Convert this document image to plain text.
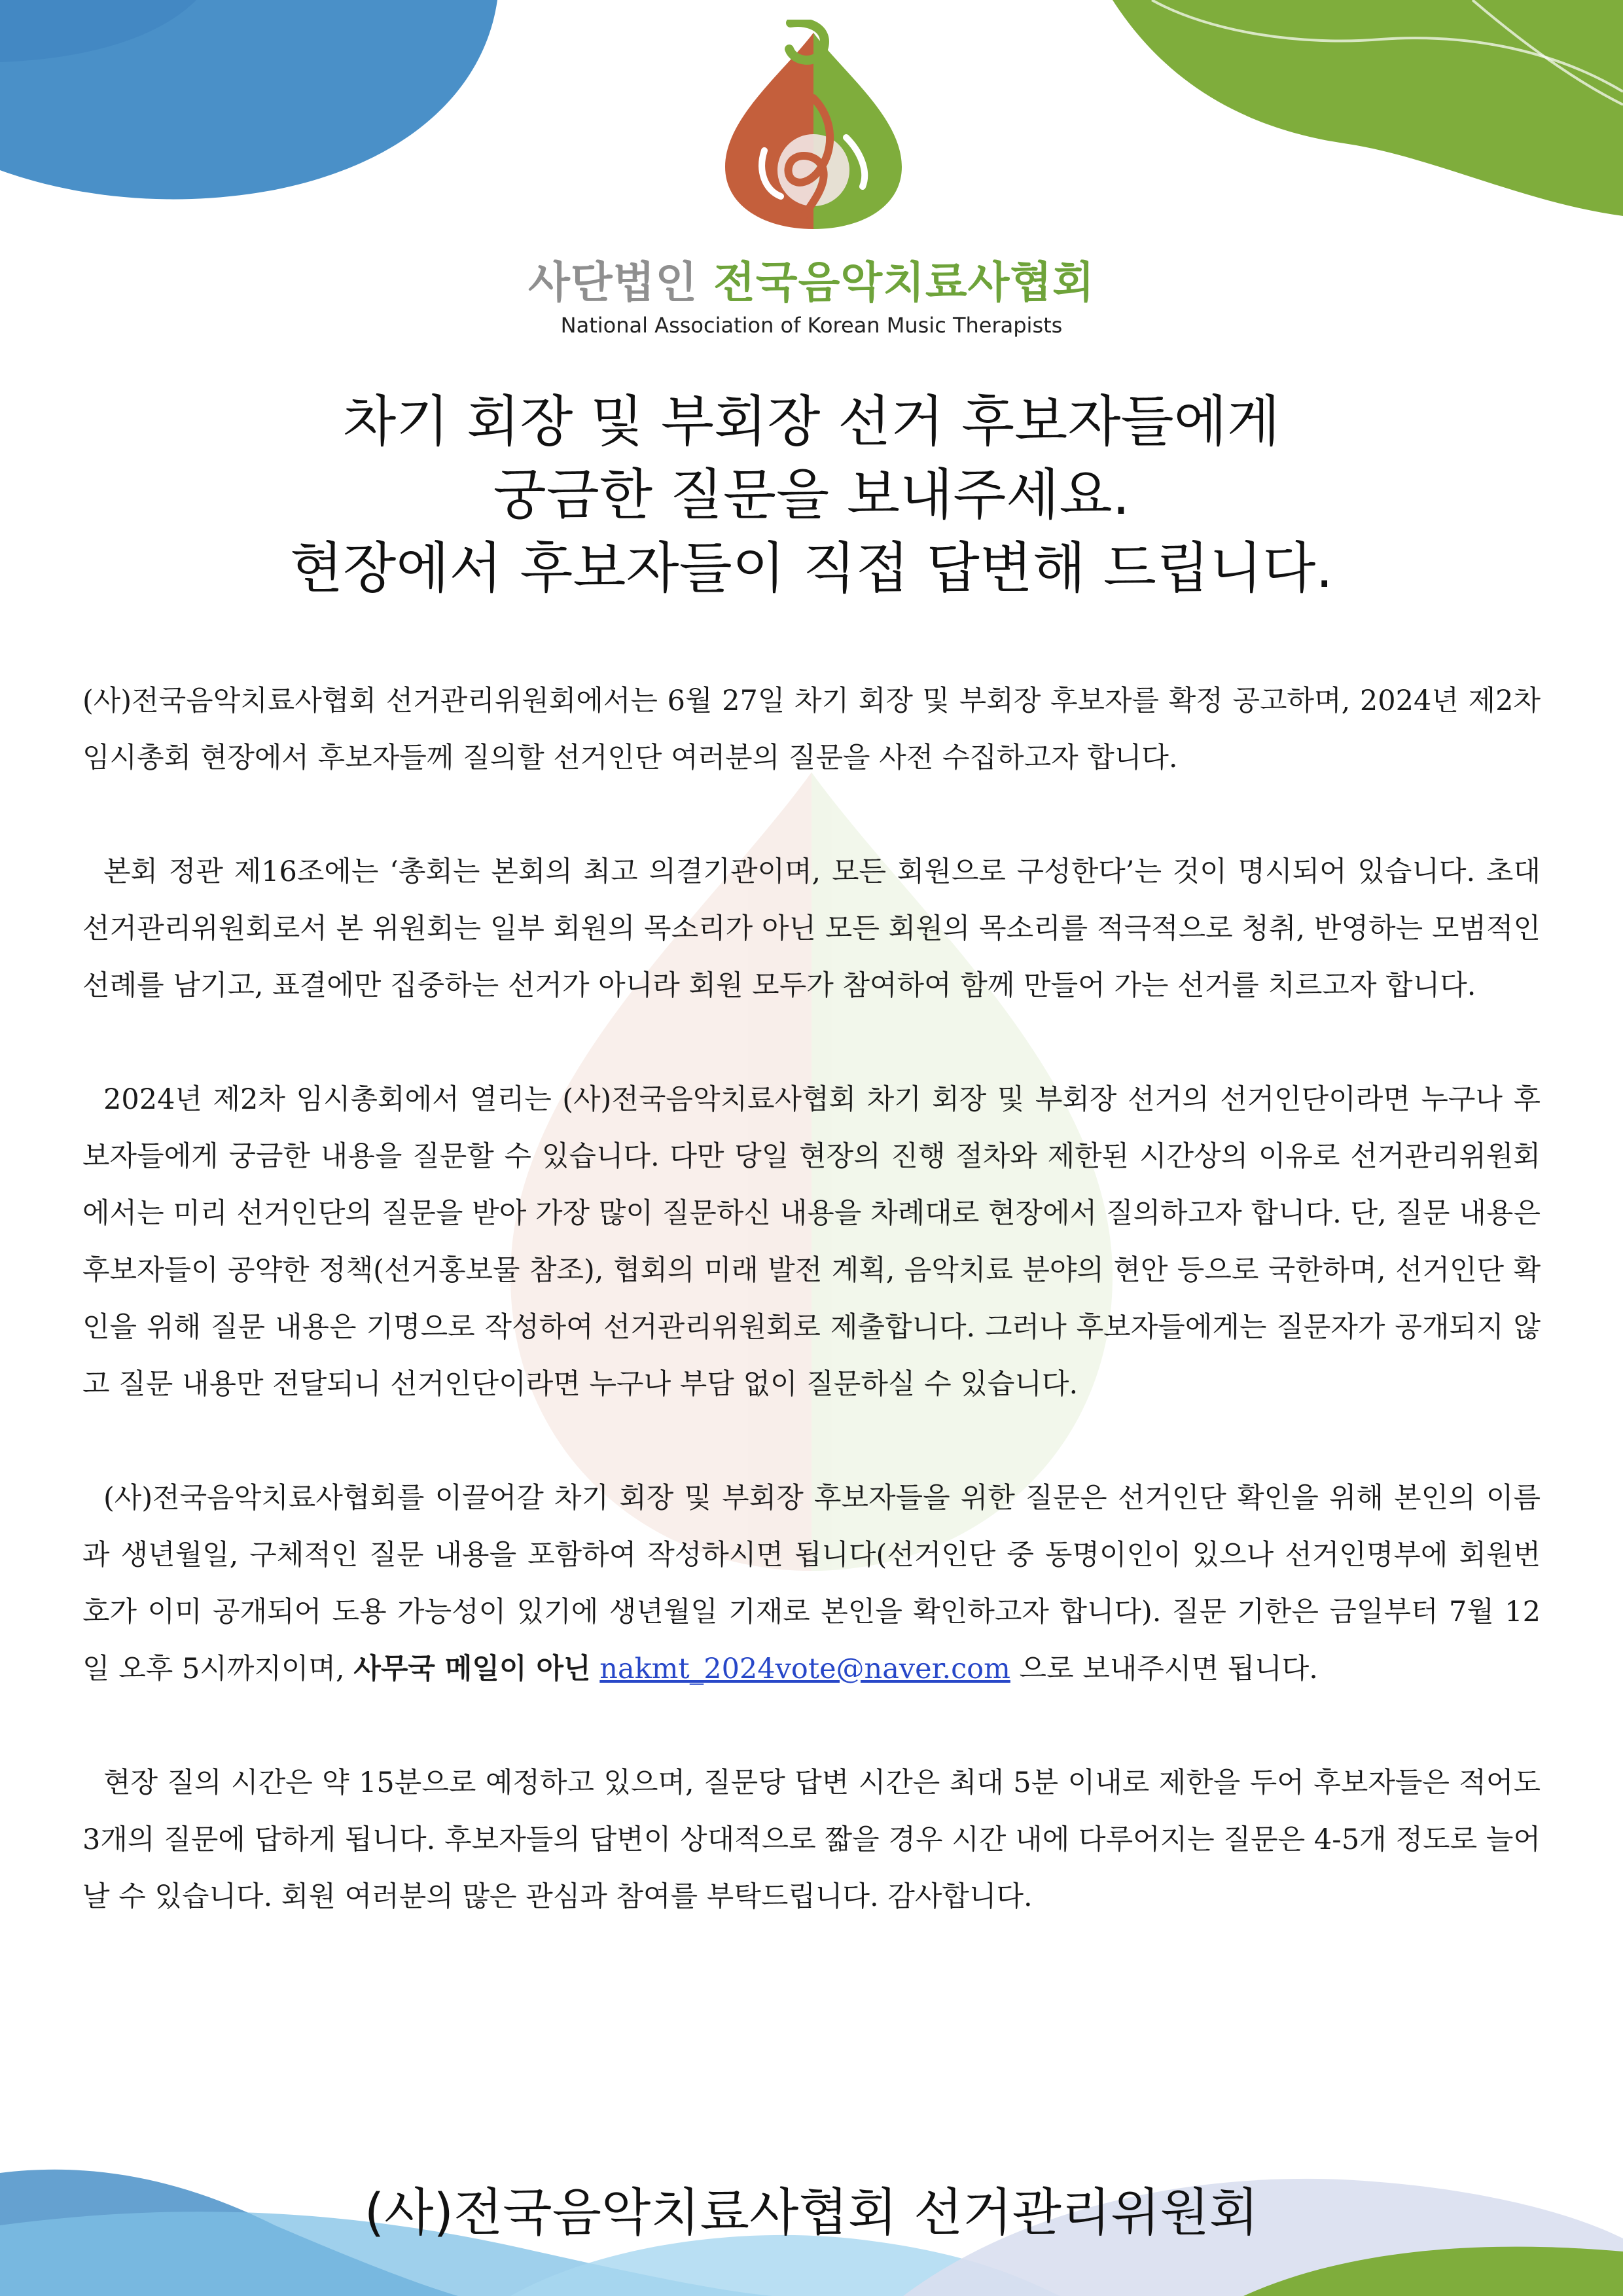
사단법인 전국음악치료사협회
National Association of Korean Music Therapists
차기 회장 및 부회장 선거 후보자들에게
궁금한 질문을 보내주세요.
현장에서 후보자들이 직접 답변해 드립니다.

(사)전국음악치료사협회 선거관리위원회에서는 6월 27일 차기 회장 및 부회장 후보자를 확정 공고하며, 2024년 제2차 임시총회 현장에서 후보자들께 질의할 선거인단 여러분의 질문을 사전 수집하고자 합니다.

본회 정관 제16조에는 ‘총회는 본회의 최고 의결기관이며, 모든 회원으로 구성한다’는 것이 명시되어 있습니다. 초대 선거관리위원회로서 본 위원회는 일부 회원의 목소리가 아닌 모든 회원의 목소리를 적극적으로 청취, 반영하는 모범적인 선례를 남기고, 표결에만 집중하는 선거가 아니라 회원 모두가 참여하여 함께 만들어 가는 선거를 치르고자 합니다.

2024년 제2차 임시총회에서 열리는 (사)전국음악치료사협회 차기 회장 및 부회장 선거의 선거인단이라면 누구나 후보자들에게 궁금한 내용을 질문할 수 있습니다. 다만 당일 현장의 진행 절차와 제한된 시간상의 이유로 선거관리위원회에서는 미리 선거인단의 질문을 받아 가장 많이 질문하신 내용을 차례대로 현장에서 질의하고자 합니다. 단, 질문 내용은 후보자들이 공약한 정책(선거홍보물 참조), 협회의 미래 발전 계획, 음악치료 분야의 현안 등으로 국한하며, 선거인단 확인을 위해 질문 내용은 기명으로 작성하여 선거관리위원회로 제출합니다. 그러나 후보자들에게는 질문자가 공개되지 않고 질문 내용만 전달되니 선거인단이라면 누구나 부담 없이 질문하실 수 있습니다.

(사)전국음악치료사협회를 이끌어갈 차기 회장 및 부회장 후보자들을 위한 질문은 선거인단 확인을 위해 본인의 이름과 생년월일, 구체적인 질문 내용을 포함하여 작성하시면 됩니다(선거인단 중 동명이인이 있으나 선거인명부에 회원번호가 이미 공개되어 도용 가능성이 있기에 생년월일 기재로 본인을 확인하고자 합니다). 질문 기한은 금일부터 7월 12일 오후 5시까지이며, 사무국 메일이 아닌 nakmt_2024vote@naver.com 으로 보내주시면 됩니다.

현장 질의 시간은 약 15분으로 예정하고 있으며, 질문당 답변 시간은 최대 5분 이내로 제한을 두어 후보자들은 적어도 3개의 질문에 답하게 됩니다. 후보자들의 답변이 상대적으로 짧을 경우 시간 내에 다루어지는 질문은 4-5개 정도로 늘어날 수 있습니다. 회원 여러분의 많은 관심과 참여를 부탁드립니다. 감사합니다.

(사)전국음악치료사협회 선거관리위원회
